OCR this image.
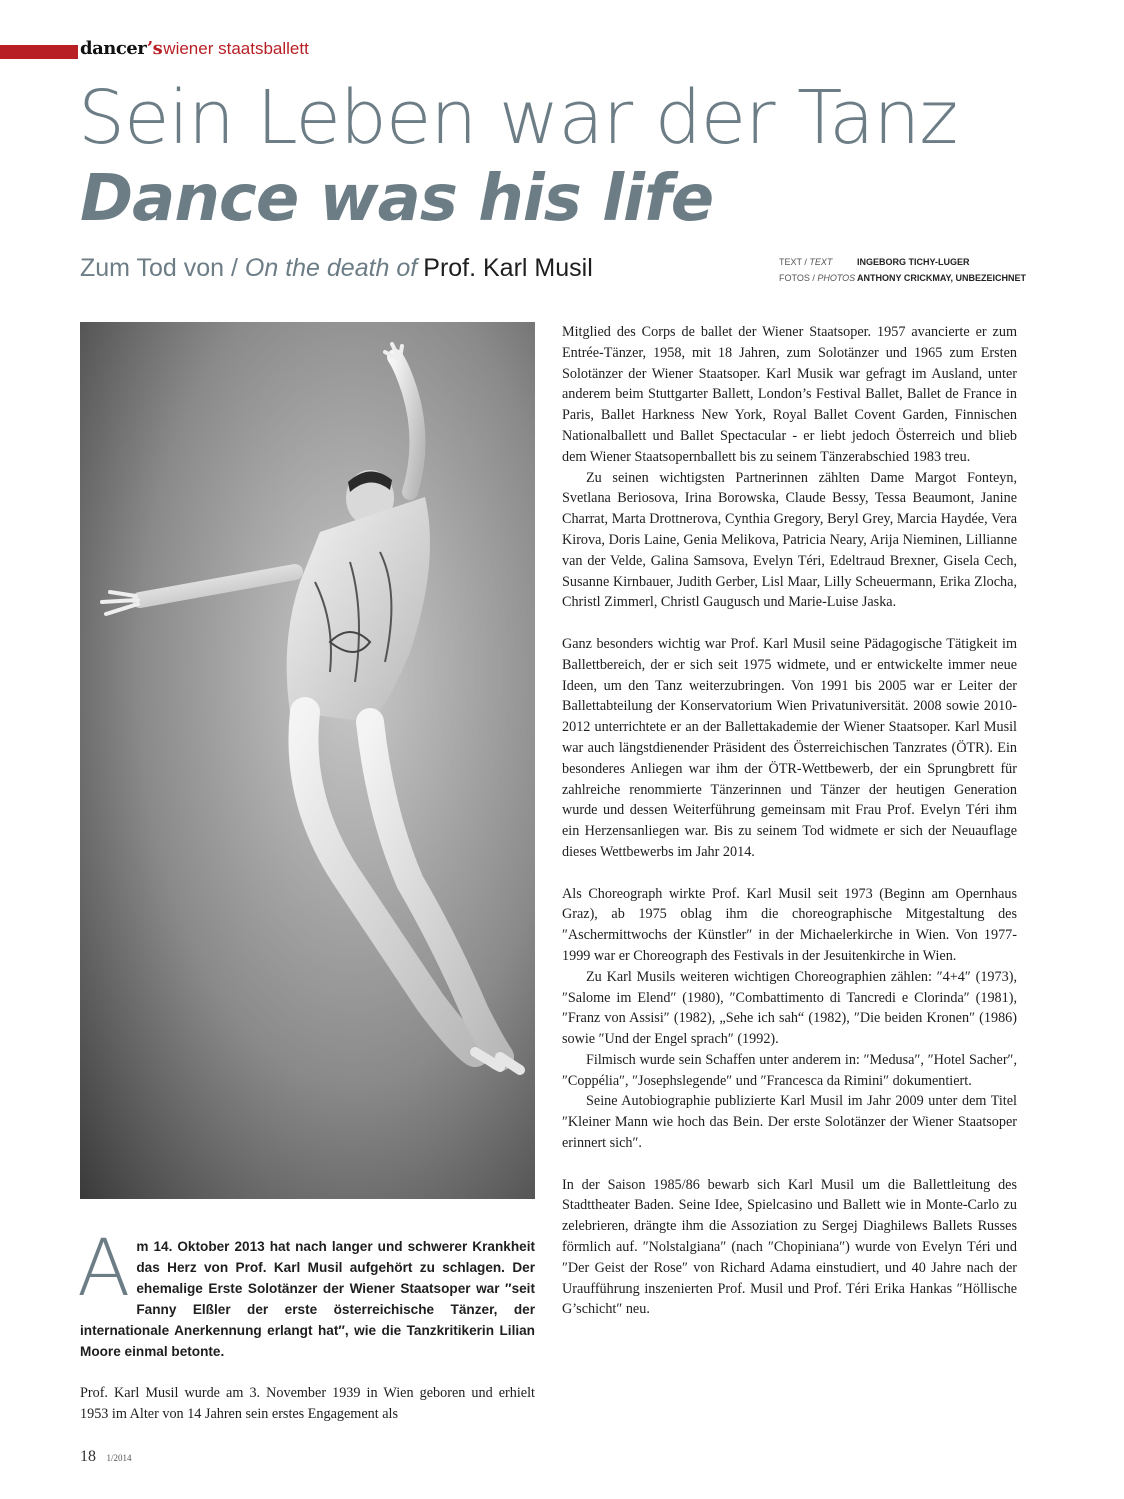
dancer’s wiener staatsballett
Sein Leben war der Tanz
Dance was his life
Zum Tod von / On the death of Prof. Karl Musil	TEXT / TEXT	INGEBORG TICHY-LUGER
FOTOS / PHOTOS ANTHONY CRICKMAY, UNBEZEICHNET

Am 14. Oktober 2013 hat nach langer und schwerer Krankheit das Herz von Prof. Karl Musil aufgehört zu schlagen. Der ehemalige Erste Solotänzer der Wiener Staatsoper war ″seit Fanny Elßler der erste österreichische Tänzer, der internationale Anerkennung erlangt hat″, wie die Tanzkritikerin Lilian Moore einmal betonte.

Prof. Karl Musil wurde am 3. November 1939 in Wien geboren und erhielt 1953 im Alter von 14 Jahren sein erstes Engagement als

Mitglied des Corps de ballet der Wiener Staatsoper. 1957 avancierte er zum Entrée-Tänzer, 1958, mit 18 Jahren, zum Solotänzer und 1965 zum Ersten Solotänzer der Wiener Staatsoper. Karl Musik war gefragt im Ausland, unter anderem beim Stuttgarter Ballett, London’s Festival Ballet, Ballet de France in Paris, Ballet Harkness New York, Royal Ballet Covent Garden, Finnischen Nationalballett und Ballet Spectacular - er liebt jedoch Österreich und blieb dem Wiener Staatsopernballett bis zu seinem Tänzerabschied 1983 treu.

Zu seinen wichtigsten Partnerinnen zählten Dame Margot Fonteyn, Svetlana Beriosova, Irina Borowska, Claude Bessy, Tessa Beaumont, Janine Charrat, Marta Drottnerova, Cynthia Gregory, Beryl Grey, Marcia Haydée, Vera Kirova, Doris Laine, Genia Melikova, Patricia Neary, Arija Nieminen, Lillianne van der Velde, Galina Samsova, Evelyn Téri, Edeltraud Brexner, Gisela Cech, Susanne Kirnbauer, Judith Gerber, Lisl Maar, Lilly Scheuermann, Erika Zlocha, Christl Zimmerl, Christl Gaugusch und Marie-Luise Jaska.

Ganz besonders wichtig war Prof. Karl Musil seine Pädagogische Tätigkeit im Ballettbereich, der er sich seit 1975 widmete, und er entwickelte immer neue Ideen, um den Tanz weiterzubringen. Von 1991 bis 2005 war er Leiter der Ballettabteilung der Konservatorium Wien Privatuniversität. 2008 sowie 2010-2012 unterrichtete er an der Ballettakademie der Wiener Staatsoper. Karl Musil war auch längstdienender Präsident des Österreichischen Tanzrates (ÖTR). Ein besonderes Anliegen war ihm der ÖTR-Wettbewerb, der ein Sprungbrett für zahlreiche renommierte Tänzerinnen und Tänzer der heutigen Generation wurde und dessen Weiterführung gemeinsam mit Frau Prof. Evelyn Téri ihm ein Herzensanliegen war. Bis zu seinem Tod widmete er sich der Neuauflage dieses Wettbewerbs im Jahr 2014.

Als Choreograph wirkte Prof. Karl Musil seit 1973 (Beginn am Opernhaus Graz), ab 1975 oblag ihm die choreographische Mitgestaltung des ″Aschermittwochs der Künstler″ in der Michaelerkirche in Wien. Von 1977-1999 war er Choreograph des Festivals in der Jesuitenkirche in Wien.

Zu Karl Musils weiteren wichtigen Choreographien zählen: ″4+4″ (1973), ″Salome im Elend″ (1980), ″Combattimento di Tancredi e Clorinda″ (1981), ″Franz von Assisi″ (1982), „Sehe ich sah“ (1982), ″Die beiden Kronen″ (1986) sowie ″Und der Engel sprach″ (1992).

Filmisch wurde sein Schaffen unter anderem in: ″Medusa″, ″Hotel Sacher″, ″Coppélia″, ″Josephslegende″ und ″Francesca da Rimini″ dokumentiert.

Seine Autobiographie publizierte Karl Musil im Jahr 2009 unter dem Titel ″Kleiner Mann wie hoch das Bein. Der erste Solotänzer der Wiener Staatsoper erinnert sich″.

In der Saison 1985/86 bewarb sich Karl Musil um die Ballettleitung des Stadttheater Baden. Seine Idee, Spielcasino und Ballett wie in Monte-Carlo zu zelebrieren, drängte ihm die Assoziation zu Sergej Diaghilews Ballets Russes förmlich auf. ″Nolstalgiana″ (nach ″Chopiniana″) wurde von Evelyn Téri und ″Der Geist der Rose″ von Richard Adama einstudiert, und 40 Jahre nach der Uraufführung inszenierten Prof. Musil und Prof. Téri Erika Hankas ″Höllische G’schicht″ neu.

18 1/2014
